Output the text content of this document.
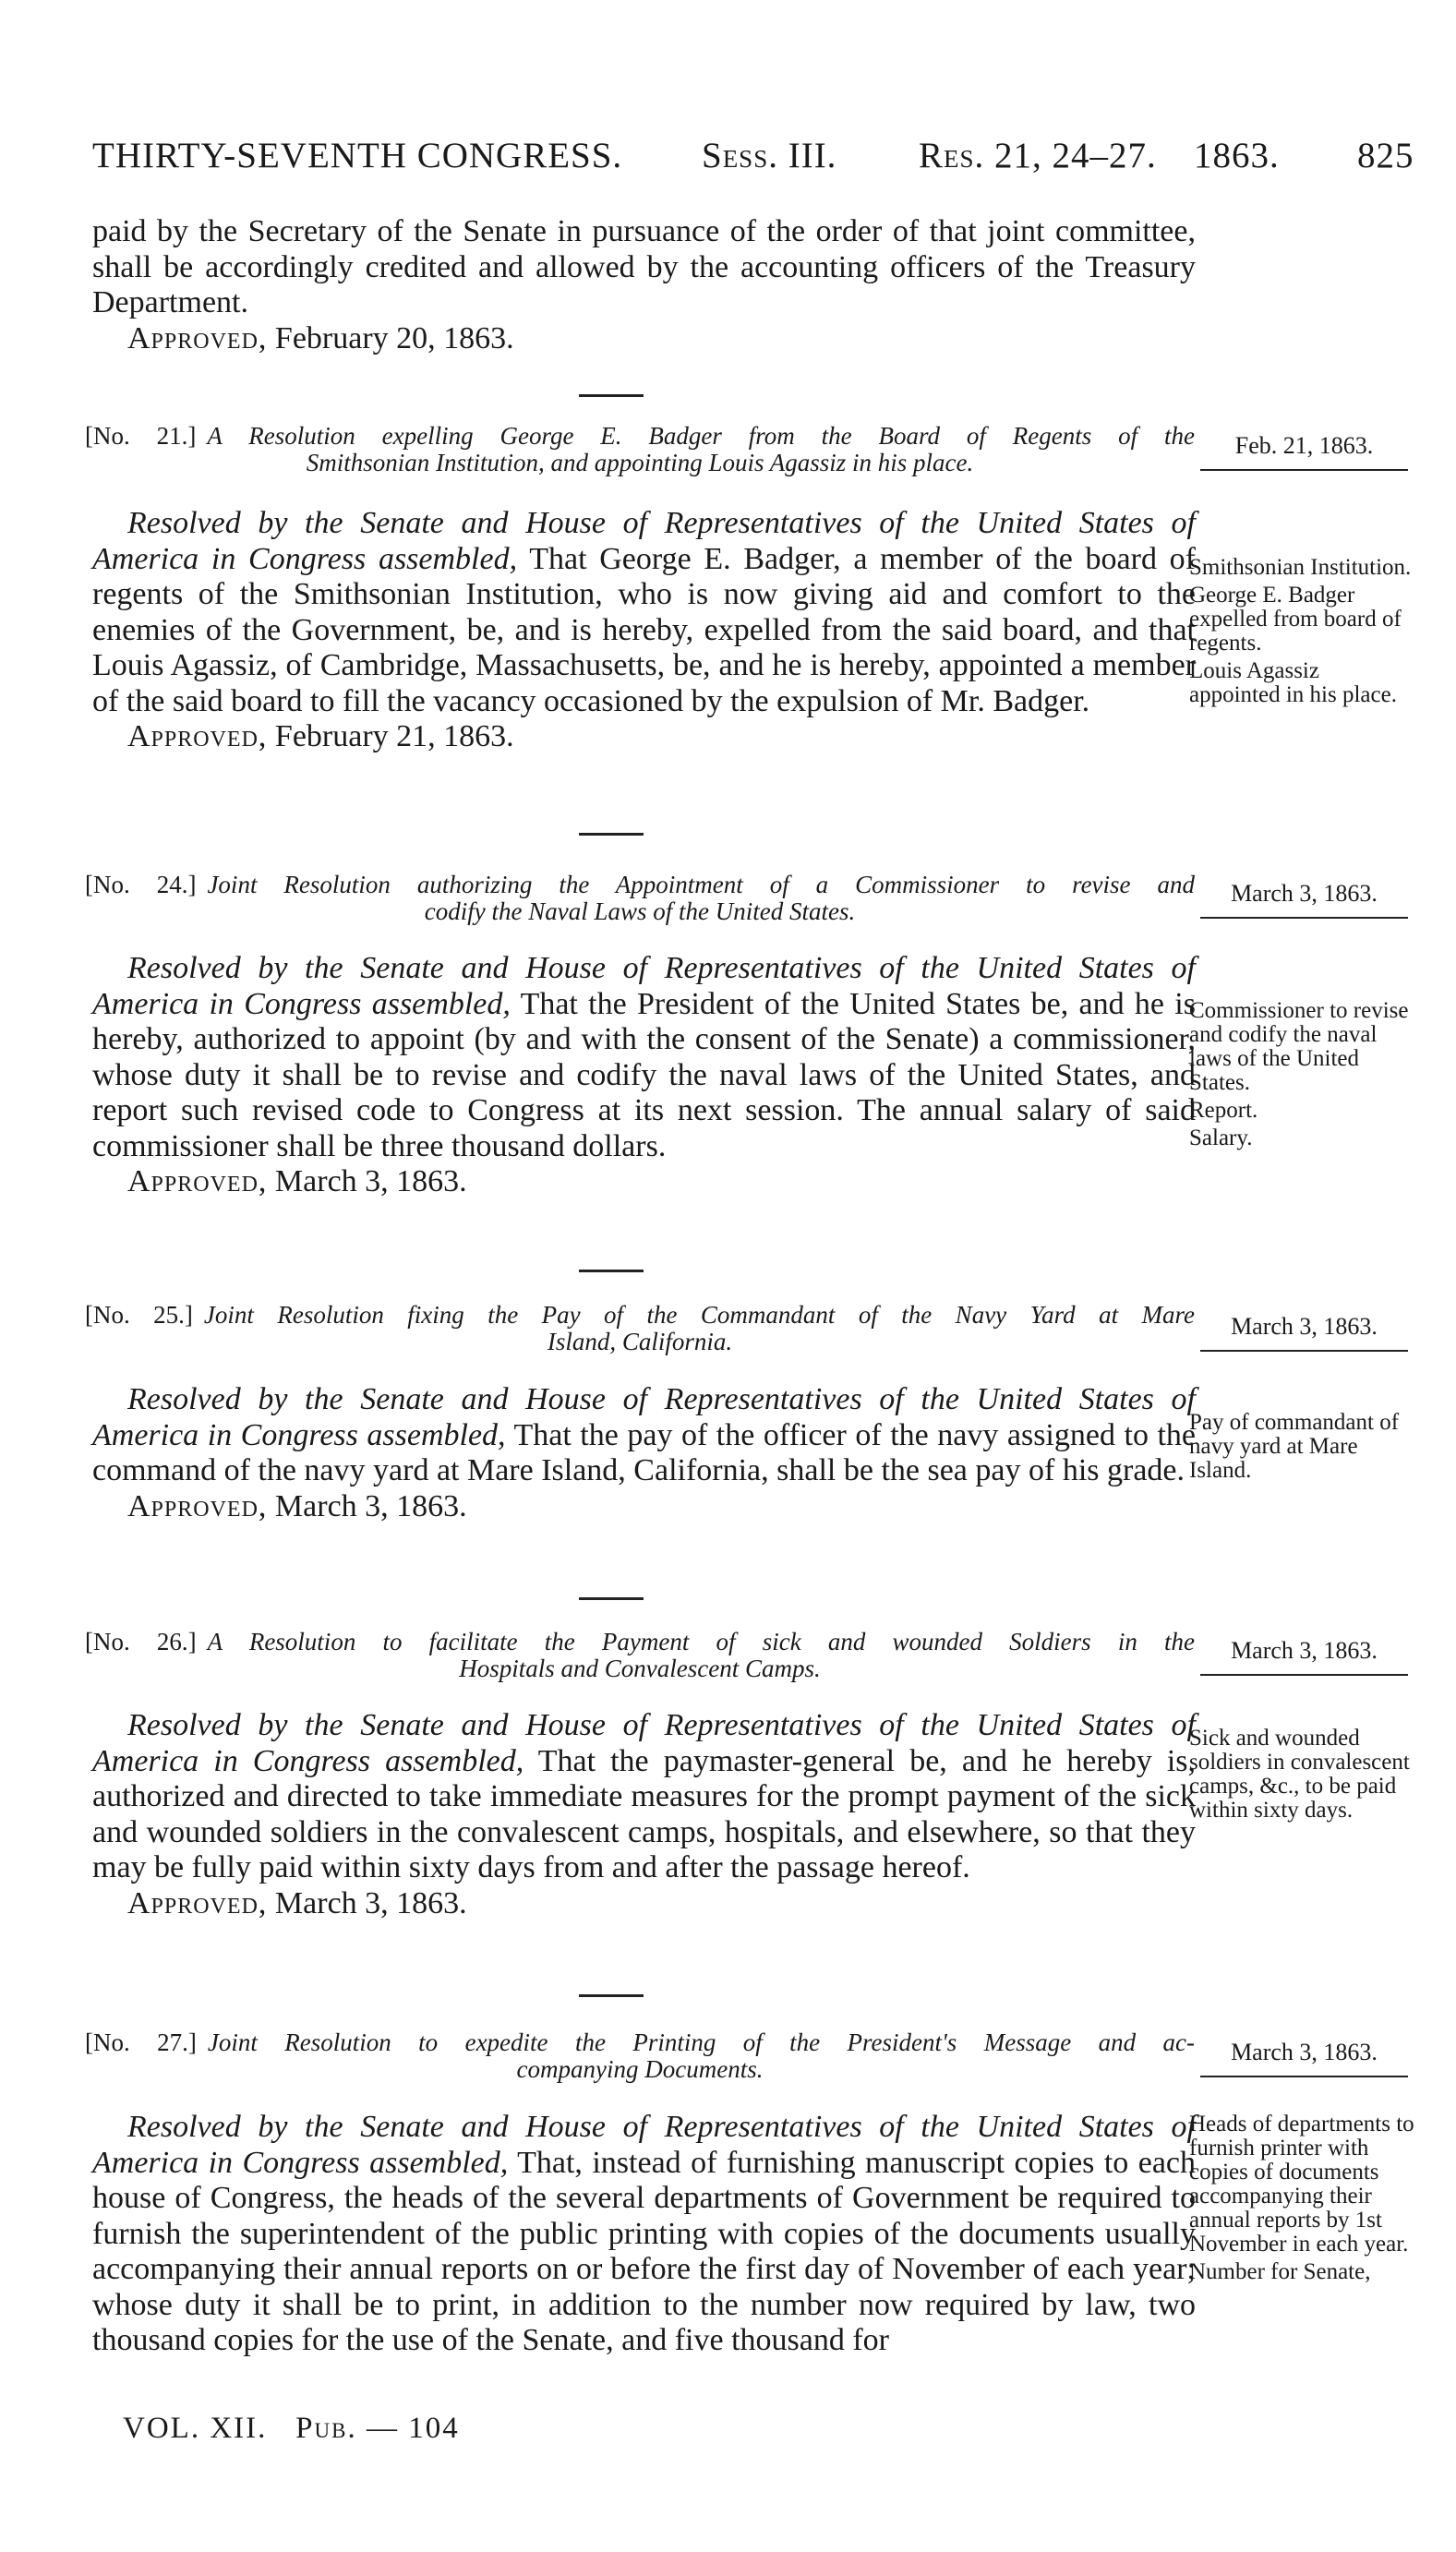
THIRTY-SEVENTH CONGRESS. Sess. III. Res. 21, 24–27. 1863. 825

paid by the Secretary of the Senate in pursuance of the order of that joint committee, shall be accordingly credited and allowed by the accounting officers of the Treasury Department.

Approved, February 20, 1863.

[No. 21.] A Resolution expelling George E. Badger from the Board of Regents of the
Smithsonian Institution, and appointing Louis Agassiz in his place.
Feb. 21, 1863.

Resolved by the Senate and House of Representatives of the United States of America in Congress assembled, That George E. Badger, a member of the board of regents of the Smithsonian Institution, who is now giving aid and comfort to the enemies of the Government, be, and is hereby, expelled from the said board, and that Louis Agassiz, of Cambridge, Massachusetts, be, and he is hereby, appointed a member of the said board to fill the vacancy occasioned by the expulsion of Mr. Badger.

Approved, February 21, 1863.

Smithsonian Institution.

George E. Badger expelled from board of regents.

Louis Agassiz appointed in his place.

[No. 24.] Joint Resolution authorizing the Appointment of a Commissioner to revise and
codify the Naval Laws of the United States.
March 3, 1863.

Resolved by the Senate and House of Representatives of the United States of America in Congress assembled, That the President of the United States be, and he is hereby, authorized to appoint (by and with the consent of the Senate) a commissioner, whose duty it shall be to revise and codify the naval laws of the United States, and report such revised code to Congress at its next session. The annual salary of said commissioner shall be three thousand dollars.

Approved, March 3, 1863.

Commissioner to revise and codify the naval laws of the United States.

Report.

Salary.

[No. 25.] Joint Resolution fixing the Pay of the Commandant of the Navy Yard at Mare
Island, California.
March 3, 1863.

Resolved by the Senate and House of Representatives of the United States of America in Congress assembled, That the pay of the officer of the navy assigned to the command of the navy yard at Mare Island, California, shall be the sea pay of his grade.

Approved, March 3, 1863.

Pay of commandant of navy yard at Mare Island.

[No. 26.] A Resolution to facilitate the Payment of sick and wounded Soldiers in the
Hospitals and Convalescent Camps.
March 3, 1863.

Resolved by the Senate and House of Representatives of the United States of America in Congress assembled, That the paymaster-general be, and he hereby is, authorized and directed to take immediate measures for the prompt payment of the sick and wounded soldiers in the convalescent camps, hospitals, and elsewhere, so that they may be fully paid within sixty days from and after the passage hereof.

Approved, March 3, 1863.

Sick and wounded soldiers in convalescent camps, &c., to be paid within sixty days.

[No. 27.] Joint Resolution to expedite the Printing of the President's Message and ac-
companying Documents.
March 3, 1863.

Resolved by the Senate and House of Representatives of the United States of America in Congress assembled, That, instead of furnishing manuscript copies to each house of Congress, the heads of the several departments of Government be required to furnish the superintendent of the public printing with copies of the documents usually accompanying their annual reports on or before the first day of November of each year; whose duty it shall be to print, in addition to the number now required by law, two thousand copies for the use of the Senate, and five thousand for

Heads of departments to furnish printer with copies of documents accompanying their annual reports by 1st November in each year.

Number for Senate,

VOL. XII. Pub. — 104
